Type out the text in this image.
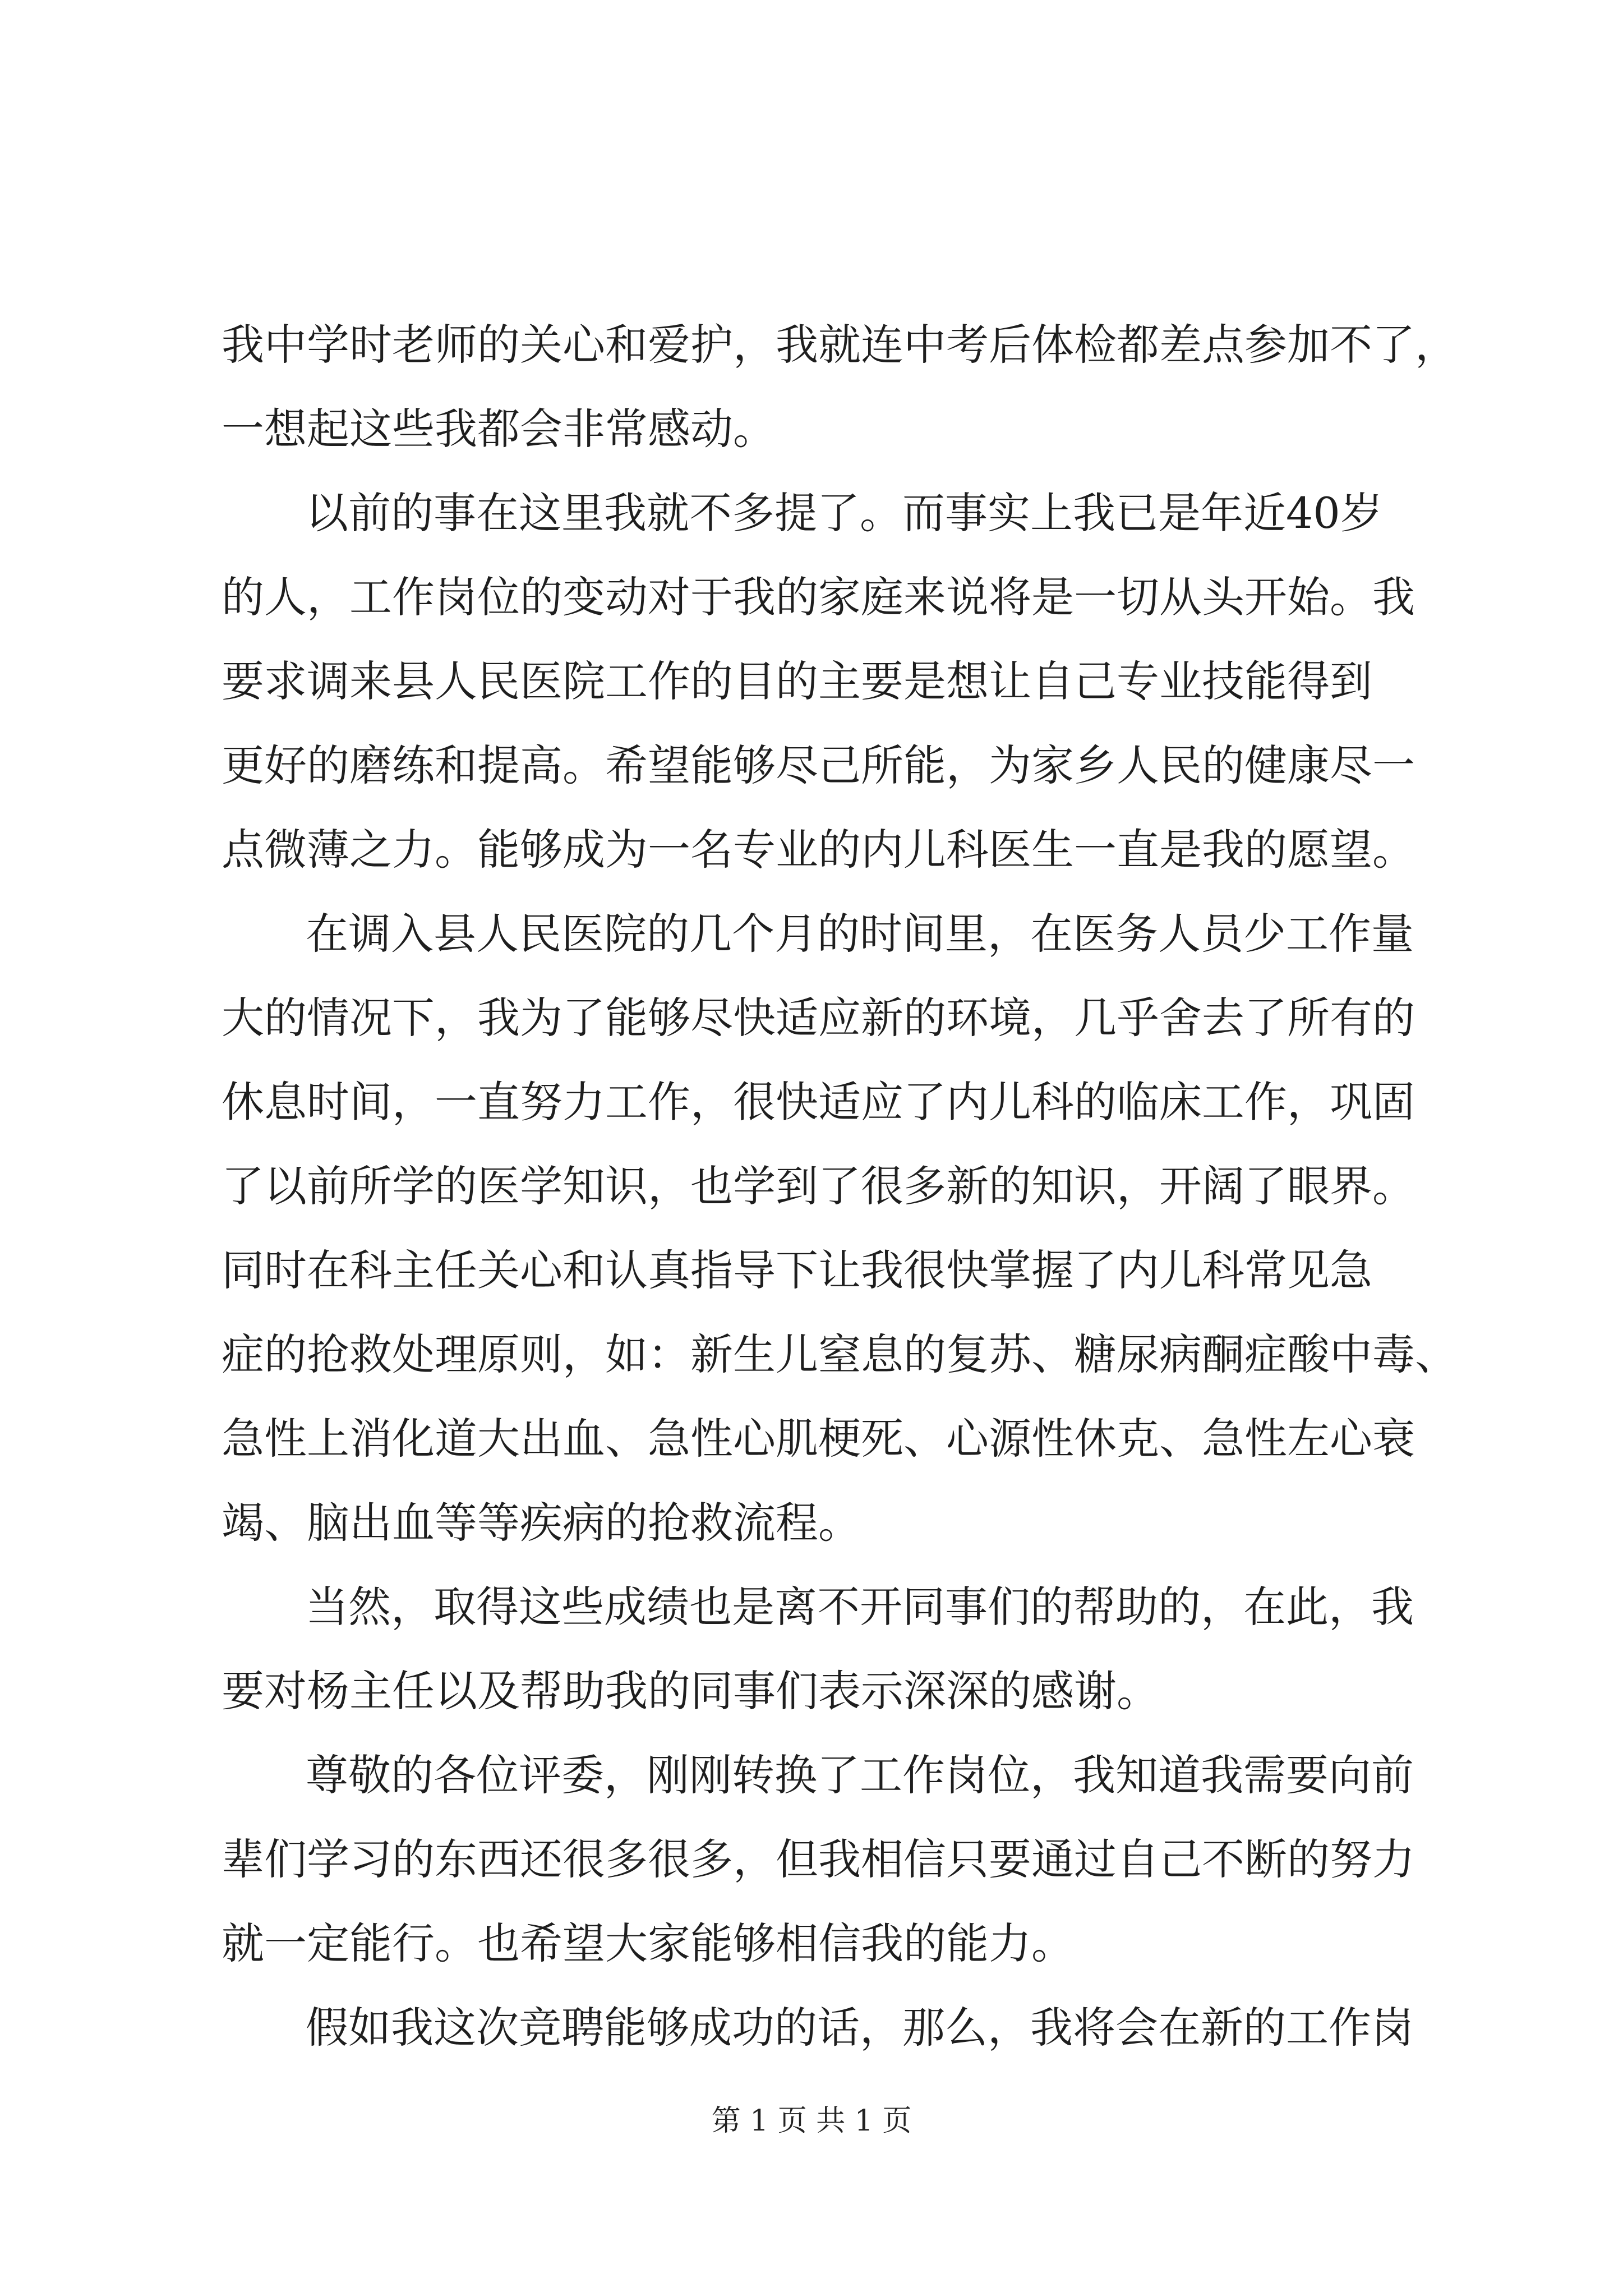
我中学时老师的关心和爱护，我就连中考后体检都差点参加不了，
一想起这些我都会非常感动。
以前的事在这里我就不多提了。而事实上我已是年近40岁
的人，工作岗位的变动对于我的家庭来说将是一切从头开始。我
要求调来县人民医院工作的目的主要是想让自己专业技能得到
更好的磨练和提高。希望能够尽己所能，为家乡人民的健康尽一
点微薄之力。能够成为一名专业的内儿科医生一直是我的愿望。
在调入县人民医院的几个月的时间里，在医务人员少工作量
大的情况下，我为了能够尽快适应新的环境，几乎舍去了所有的
休息时间，一直努力工作，很快适应了内儿科的临床工作，巩固
了以前所学的医学知识，也学到了很多新的知识，开阔了眼界。
同时在科主任关心和认真指导下让我很快掌握了内儿科常见急
症的抢救处理原则，如：新生儿窒息的复苏、糖尿病酮症酸中毒、
急性上消化道大出血、急性心肌梗死、心源性休克、急性左心衰
竭、脑出血等等疾病的抢救流程。
当然，取得这些成绩也是离不开同事们的帮助的，在此，我
要对杨主任以及帮助我的同事们表示深深的感谢。
尊敬的各位评委，刚刚转换了工作岗位，我知道我需要向前
辈们学习的东西还很多很多，但我相信只要通过自己不断的努力
就一定能行。也希望大家能够相信我的能力。
假如我这次竞聘能够成功的话，那么，我将会在新的工作岗
第 1 页 共 1 页
